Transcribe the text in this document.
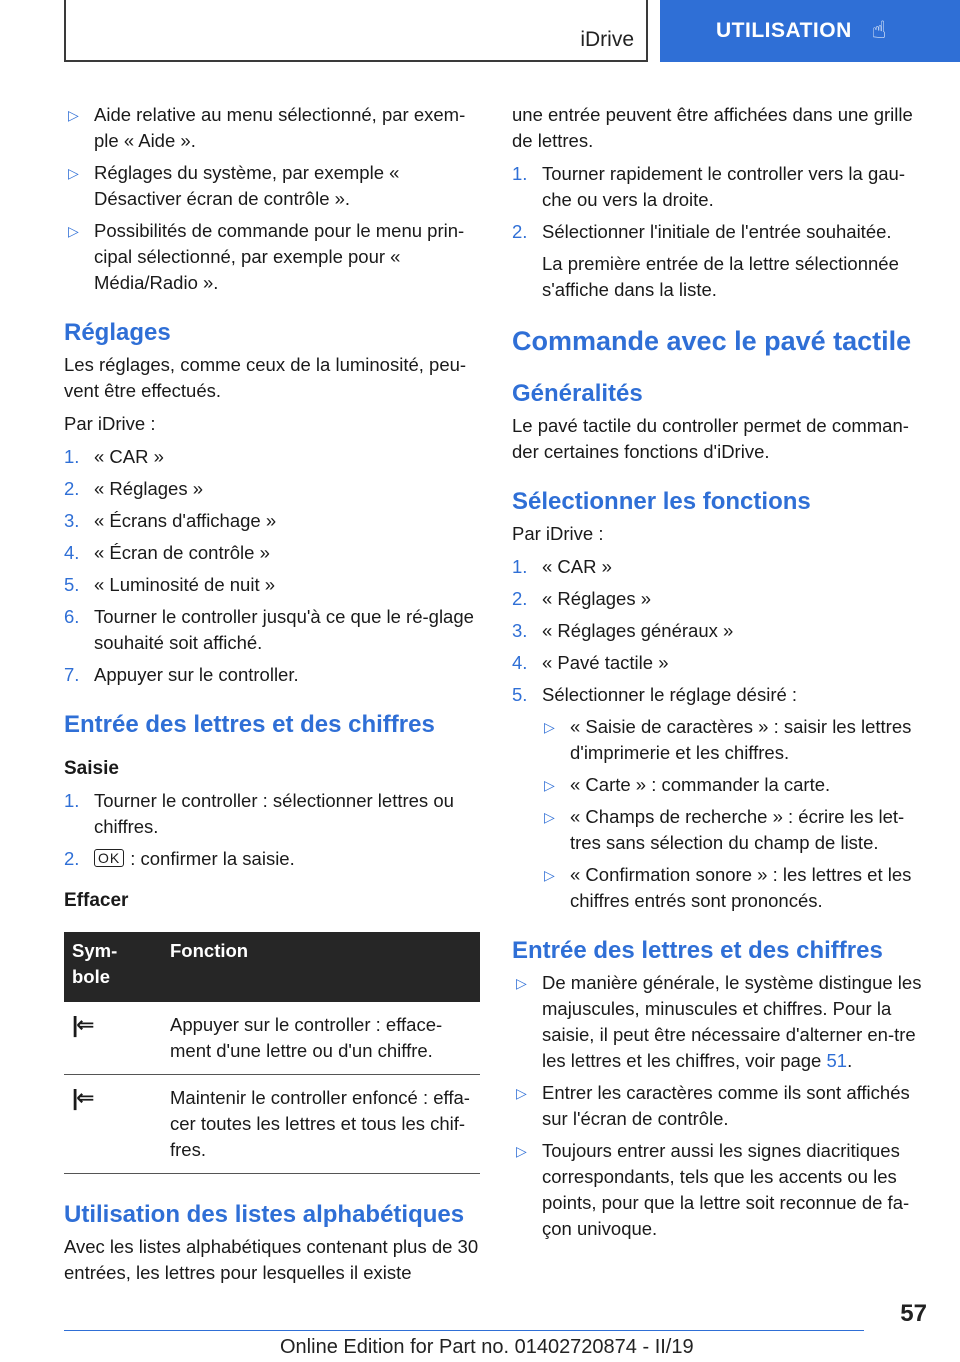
iDrive	UTILISATION ☝
▷ Aide relative au menu sélectionné, par exem‐ple « Aide ».
▷ Réglages du système, par exemple « Désactiver écran de contrôle ».
▷ Possibilités de commande pour le menu prin‐cipal sélectionné, par exemple pour « Média/Radio ».
Réglages

Les réglages, comme ceux de la luminosité, peu‐vent être effectués.

Par iDrive :

1. « CAR »
2. « Réglages »
3. « Écrans d'affichage »
4. « Écran de contrôle »
5. « Luminosité de nuit »
6. Tourner le controller jusqu'à ce que le ré‐glage souhaité soit affiché.
7. Appuyer sur le controller.
Entrée des lettres et des chiffres
Saisie
1. Tourner le controller : sélectionner lettres ou chiffres.
2.	OK : confirmer la saisie.
Effacer
Sym‐bole	Fonction
|⇐	Appuyer sur le controller : efface‐ment d'une lettre ou d'un chiffre.
|⇐	Maintenir le controller enfoncé : effa‐cer toutes les lettres et tous les chif‐fres.
Utilisation des listes alphabétiques

Avec les listes alphabétiques contenant plus de 30 entrées, les lettres pour lesquelles il existe

une entrée peuvent être affichées dans une grille de lettres.

1. Tourner rapidement le controller vers la gau‐che ou vers la droite.
2. Sélectionner l'initiale de l'entrée souhaitée.
La première entrée de la lettre sélectionnée s'affiche dans la liste.
Commande avec le pavé tactile
Généralités

Le pavé tactile du controller permet de comman‐der certaines fonctions d'iDrive.

Sélectionner les fonctions

Par iDrive :

1. « CAR »
2. « Réglages »
3. « Réglages généraux »
4. « Pavé tactile »
5. Sélectionner le réglage désiré :
▷ « Saisie de caractères » : saisir les lettres d'imprimerie et les chiffres.
▷ « Carte » : commander la carte.
▷ « Champs de recherche » : écrire les let‐tres sans sélection du champ de liste.
▷ « Confirmation sonore » : les lettres et les chiffres entrés sont prononcés.
Entrée des lettres et des chiffres
▷ De manière générale, le système distingue les majuscules, minuscules et chiffres. Pour la saisie, il peut être nécessaire d'alterner en‐tre les lettres et les chiffres, voir page 51.
▷ Entrer les caractères comme ils sont affichés sur l'écran de contrôle.
▷ Toujours entrer aussi les signes diacritiques correspondants, tels que les accents ou les points, pour que la lettre soit reconnue de fa‐çon univoque.
57
Online Edition for Part no. 01402720874 - II/19
